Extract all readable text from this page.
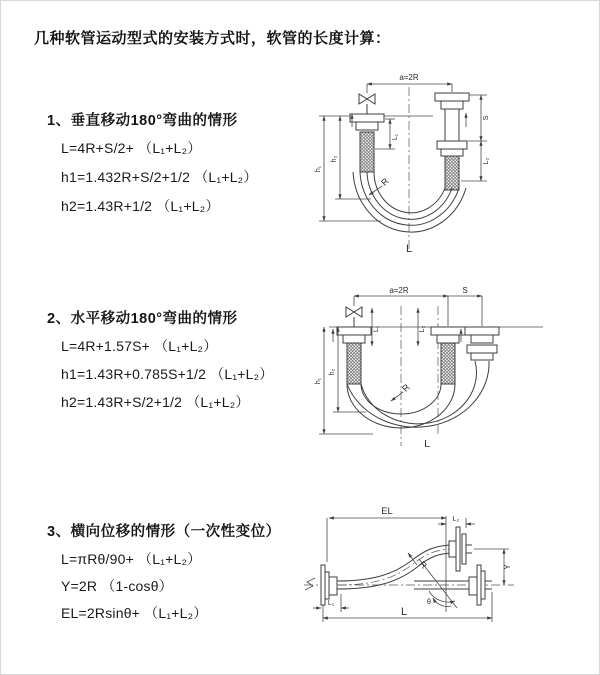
几种软管运动型式的安装方式时，软管的长度计算：
1、垂直移动180°弯曲的情形
L=4R+S/2+ （L₁+L₂）
h1=1.432R+S/2+1/2 （L₁+L₂）
h2=1.43R+1/2 （L₁+L₂）
2、水平移动180°弯曲的情形
L=4R+1.57S+ （L₁+L₂）
h1=1.43R+0.785S+1/2 （L₁+L₂）
h2=1.43R+S/2+1/2 （L₁+L₂）
3、横向位移的情形（一次性变位）
L=πRθ/90+ （L₁+L₂）
Y=2R （1-cosθ）
EL=2Rsinθ+ （L₁+L₂）
a=2R
L₁
h₁
h₂
S
L₂
R
L
a=2R	S
L₁	L₂
h₁
h₂
R
L
EL
L₂
θ
R	Y
L₁
L
